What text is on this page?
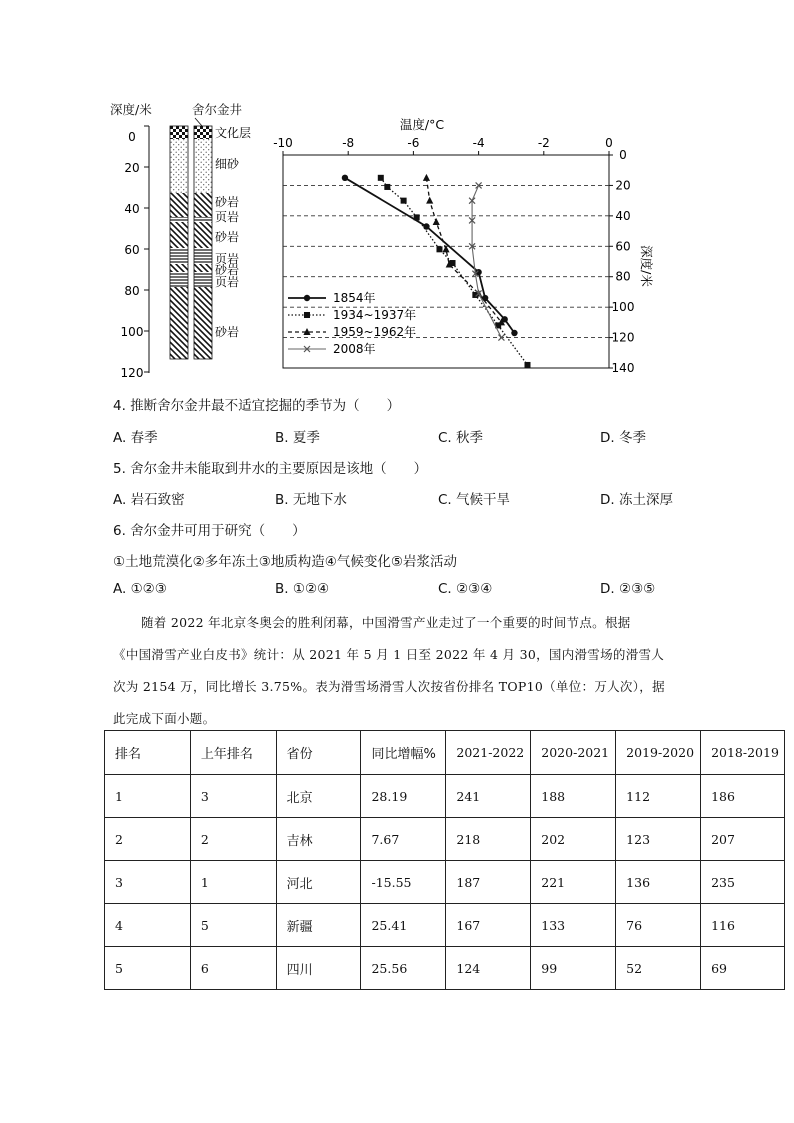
深度/米	舍尔金井
0
20
40
60
80
100
120
文化层
细砂
砂岩
页岩
砂岩
页岩
砂岩
页岩
砂岩
温度/°C
深度/米
-10	-8	-6	-4	-2	0
0
20
40
60
80
100
120
140
1854年
1934~1937年
1959~1962年
2008年
4. 推断舍尔金井最不适宜挖掘的季节为（　　）
A. 春季	B. 夏季	C. 秋季	D. 冬季
5. 舍尔金井未能取到井水的主要原因是该地（　　）
A. 岩石致密	B. 无地下水	C. 气候干旱	D. 冻土深厚
6. 舍尔金井可用于研究（　　）
①土地荒漠化②多年冻土③地质构造④气候变化⑤岩浆活动
A. ①②③	B. ①②④	C. ②③④	D. ②③⑤
随着 2022 年北京冬奥会的胜利闭幕，中国滑雪产业走过了一个重要的时间节点。根据
《中国滑雪产业白皮书》统计：从 2021 年 5 月 1 日至 2022 年 4 月 30，国内滑雪场的滑雪人
次为 2154 万，同比增长 3.75%。表为滑雪场滑雪人次按省份排名 TOP10（单位：万人次），据
此完成下面小题。
排名	上年排名	省份	同比增幅%	2021-2022	2020-2021	2019-2020	2018-2019
1	3	北京	28.19	241	188	112	186
2	2	吉林	7.67	218	202	123	207
3	1	河北	-15.55	187	221	136	235
4	5	新疆	25.41	167	133	76	116
5	6	四川	25.56	124	99	52	69
